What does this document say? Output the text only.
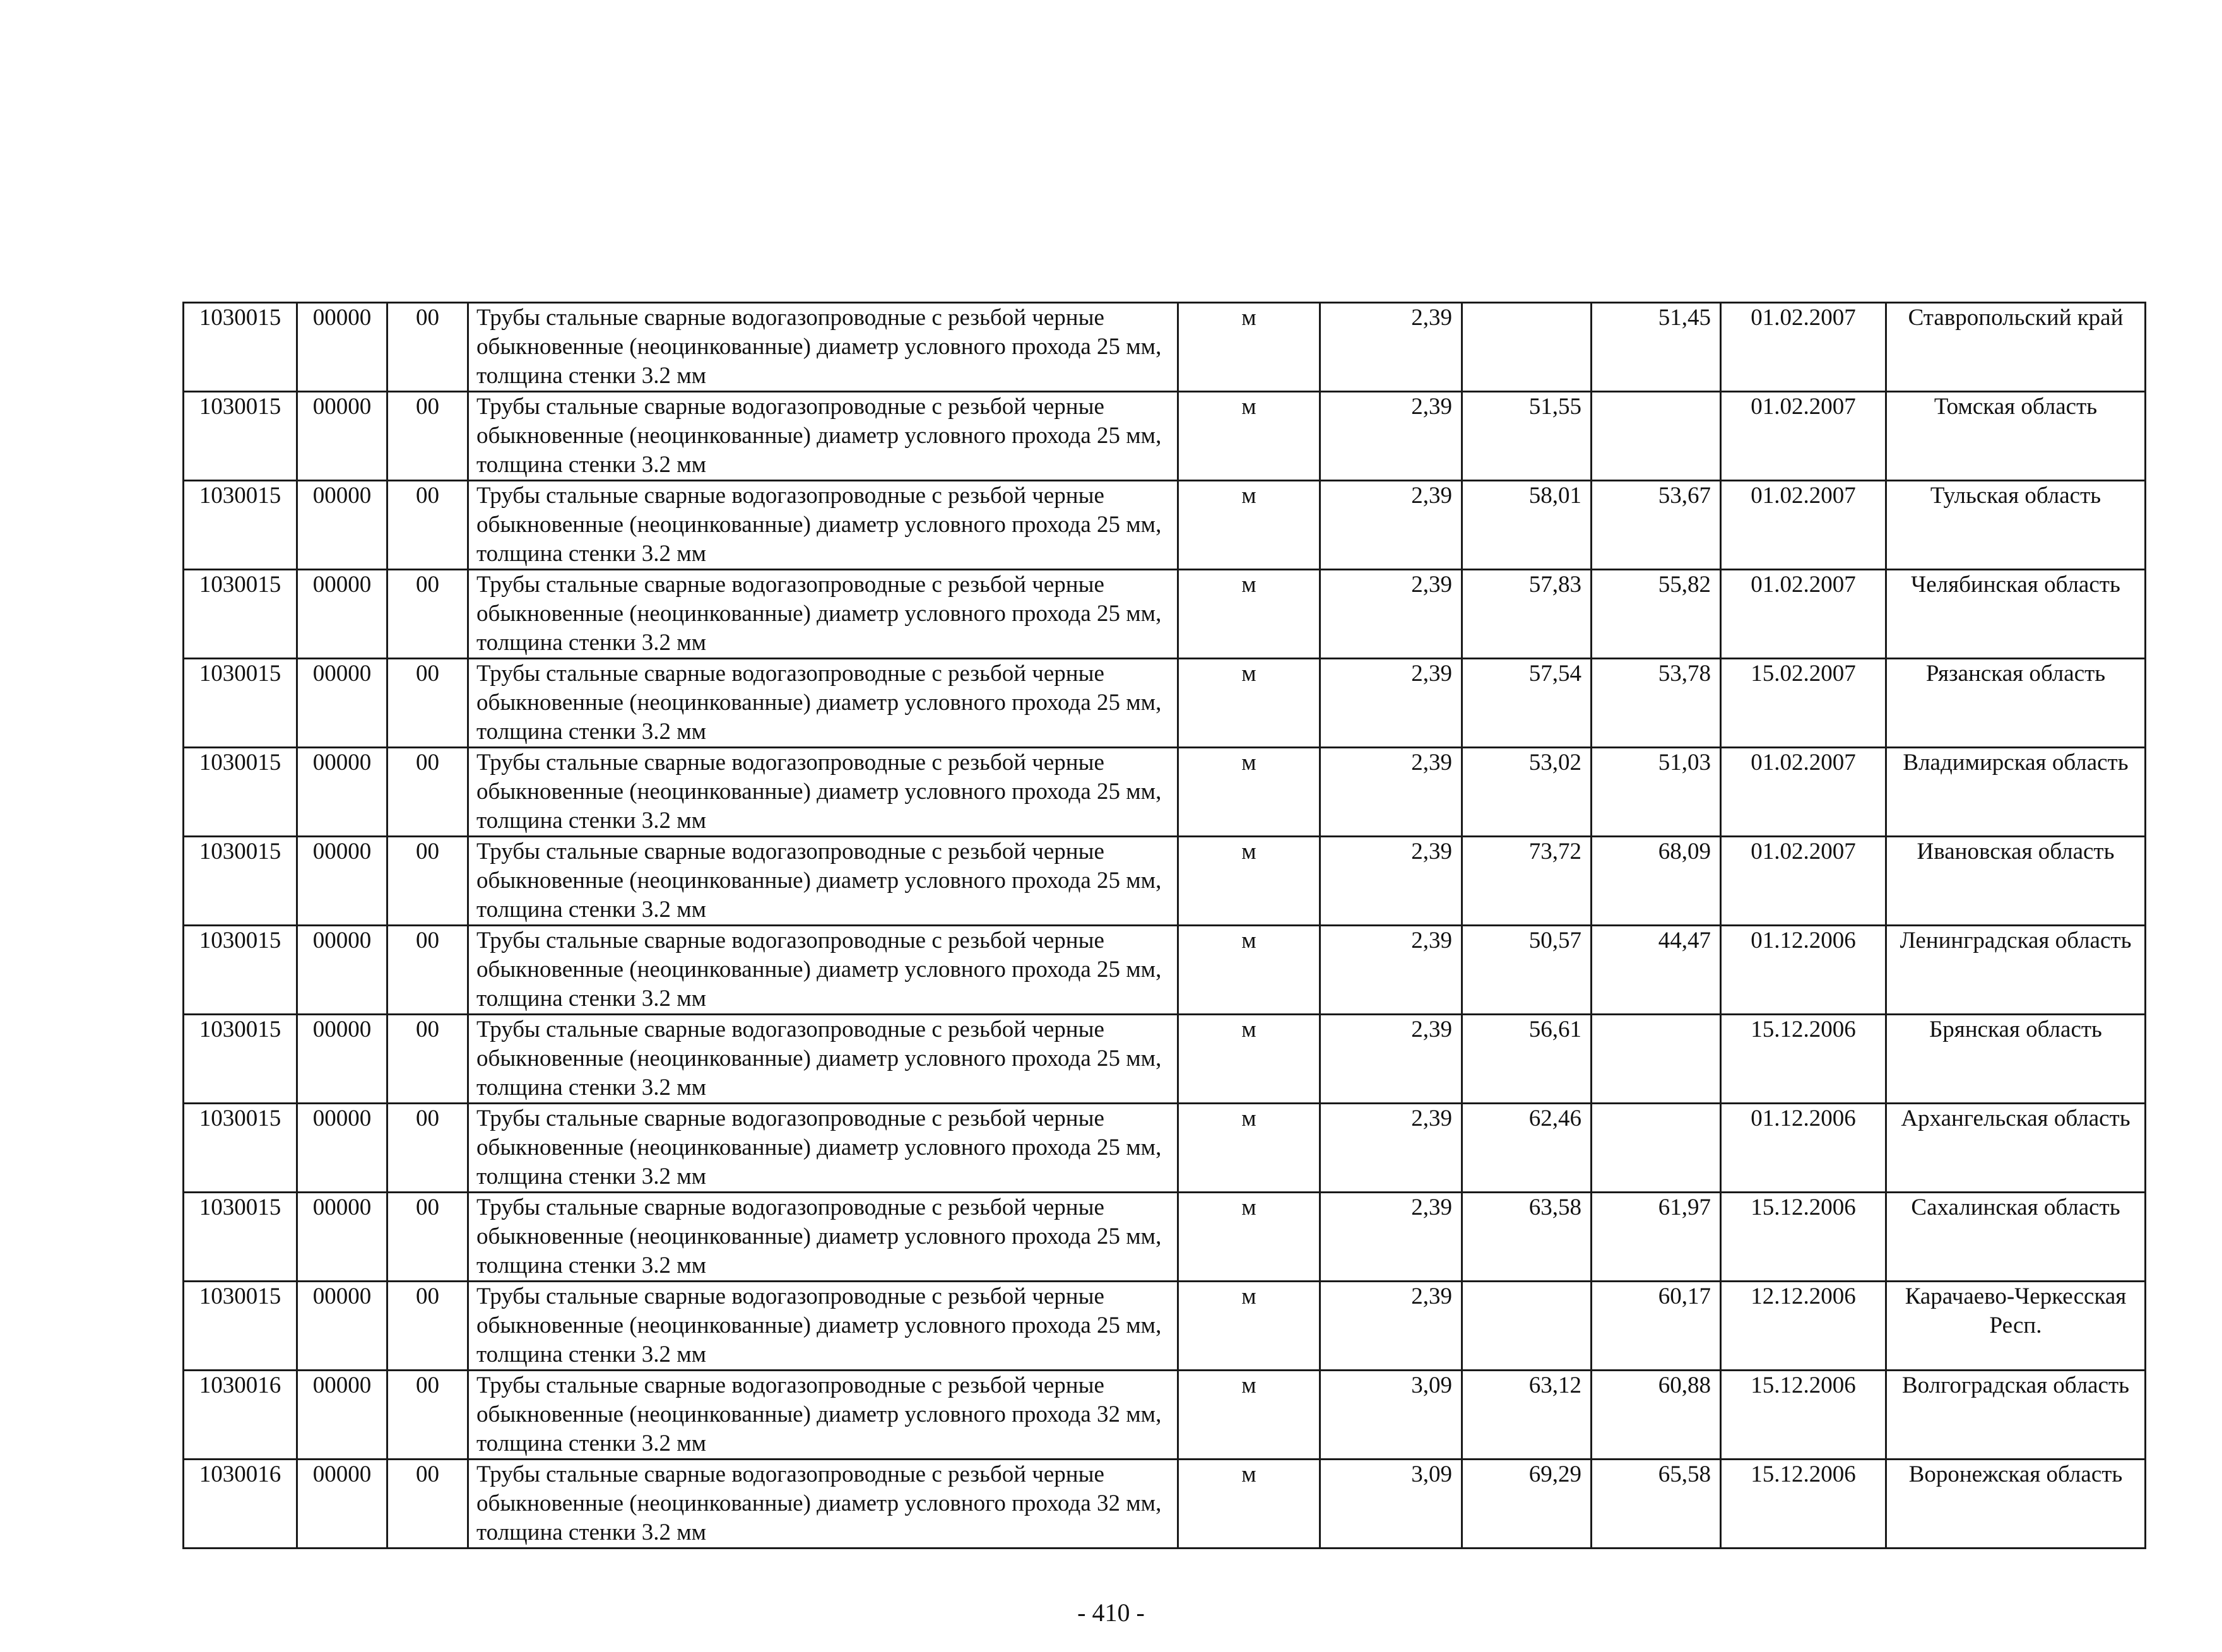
1030015	00000	00	Трубы стальные сварные водогазопроводные с резьбой черные обыкновенные (неоцинкованные) диаметр условного прохода 25 мм, толщина стенки 3.2 мм	м	2,39		51,45	01.02.2007	Ставропольский край
1030015	00000	00	Трубы стальные сварные водогазопроводные с резьбой черные обыкновенные (неоцинкованные) диаметр условного прохода 25 мм, толщина стенки 3.2 мм	м	2,39	51,55		01.02.2007	Томская область
1030015	00000	00	Трубы стальные сварные водогазопроводные с резьбой черные обыкновенные (неоцинкованные) диаметр условного прохода 25 мм, толщина стенки 3.2 мм	м	2,39	58,01	53,67	01.02.2007	Тульская область
1030015	00000	00	Трубы стальные сварные водогазопроводные с резьбой черные обыкновенные (неоцинкованные) диаметр условного прохода 25 мм, толщина стенки 3.2 мм	м	2,39	57,83	55,82	01.02.2007	Челябинская область
1030015	00000	00	Трубы стальные сварные водогазопроводные с резьбой черные обыкновенные (неоцинкованные) диаметр условного прохода 25 мм, толщина стенки 3.2 мм	м	2,39	57,54	53,78	15.02.2007	Рязанская область
1030015	00000	00	Трубы стальные сварные водогазопроводные с резьбой черные обыкновенные (неоцинкованные) диаметр условного прохода 25 мм, толщина стенки 3.2 мм	м	2,39	53,02	51,03	01.02.2007	Владимирская область
1030015	00000	00	Трубы стальные сварные водогазопроводные с резьбой черные обыкновенные (неоцинкованные) диаметр условного прохода 25 мм, толщина стенки 3.2 мм	м	2,39	73,72	68,09	01.02.2007	Ивановская область
1030015	00000	00	Трубы стальные сварные водогазопроводные с резьбой черные обыкновенные (неоцинкованные) диаметр условного прохода 25 мм, толщина стенки 3.2 мм	м	2,39	50,57	44,47	01.12.2006	Ленинградская область
1030015	00000	00	Трубы стальные сварные водогазопроводные с резьбой черные обыкновенные (неоцинкованные) диаметр условного прохода 25 мм, толщина стенки 3.2 мм	м	2,39	56,61		15.12.2006	Брянская область
1030015	00000	00	Трубы стальные сварные водогазопроводные с резьбой черные обыкновенные (неоцинкованные) диаметр условного прохода 25 мм, толщина стенки 3.2 мм	м	2,39	62,46		01.12.2006	Архангельская область
1030015	00000	00	Трубы стальные сварные водогазопроводные с резьбой черные обыкновенные (неоцинкованные) диаметр условного прохода 25 мм, толщина стенки 3.2 мм	м	2,39	63,58	61,97	15.12.2006	Сахалинская область
1030015	00000	00	Трубы стальные сварные водогазопроводные с резьбой черные обыкновенные (неоцинкованные) диаметр условного прохода 25 мм, толщина стенки 3.2 мм	м	2,39		60,17	12.12.2006	Карачаево-Черкесская Респ.
1030016	00000	00	Трубы стальные сварные водогазопроводные с резьбой черные обыкновенные (неоцинкованные) диаметр условного прохода 32 мм, толщина стенки 3.2 мм	м	3,09	63,12	60,88	15.12.2006	Волгоградская область
1030016	00000	00	Трубы стальные сварные водогазопроводные с резьбой черные обыкновенные (неоцинкованные) диаметр условного прохода 32 мм, толщина стенки 3.2 мм	м	3,09	69,29	65,58	15.12.2006	Воронежская область
- 410 -
